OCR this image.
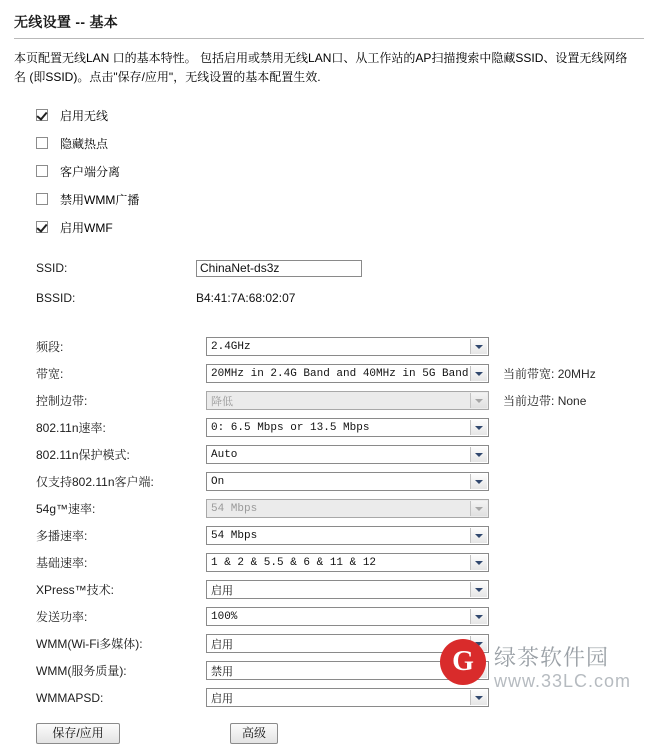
无线设置 -- 基本
本页配置无线LAN 口的基本特性。 包括启用或禁用无线LAN口、从工作站的AP扫描搜索中隐藏SSID、设置无线网络名 (即SSID)。点击"保存/应用"，无线设置的基本配置生效.
启用无线
隐藏热点
客户端分离
禁用WMM广播
启用WMF
SSID:
ChinaNet-ds3z
BSSID:	B4:41:7A:68:02:07
频段:	2.4GHz
带宽:	20MHz in 2.4G Band and 40MHz in 5G Band	当前带宽: 20MHz
控制边带:	降低	当前边带: None
802.11n速率:	0: 6.5 Mbps or 13.5 Mbps
802.11n保护模式:	Auto
仅支持802.11n客户端:	On
54g™速率:	54 Mbps
多播速率:	54 Mbps
基础速率:	1 & 2 & 5.5 & 6 & 11 & 12
XPress™技术:	启用
发送功率:	100%
WMM(Wi-Fi多媒体):	启用
WMM(服务质量):	禁用
WMMAPSD:	启用
保存/应用	高级
G 绿茶软件园
www.33LC.com
